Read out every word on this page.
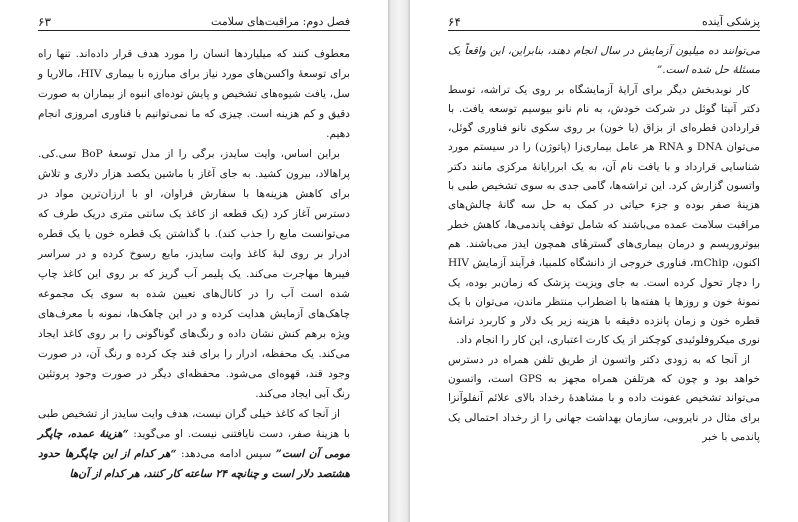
فصل دوم: مراقبت‌های سلامت
۶۳

معطوف کنند که میلیاردها انسان را مورد هدف قرار داده‌اند. تنها راه برای توسعهٔ واکسن‌های مورد نیاز برای مبارزه با بیماری HIV، مالاریا و سل، یافت شیوه‌های تشخیص و پایش توده‌ای انبوه از بیماران به صورت دقیق و کم هزینه است. چیزی که ما نمی‌توانیم با فناوری امروزی انجام دهیم.

براین اساس، وایت سایدز، برگی را از مدل توسعهٔ BoP سی.کی. پراهالاد، بیرون کشید. به جای آغاز با ماشین یکصد هزار دلاری و تلاش برای کاهش هزینه‌ها با سفارش فراوان، او با ارزان‌ترین مواد در دسترس آغاز کرد (یک قطعه از کاغذ یک سانتی متری دریک طرف که می‌توانست مایع را جذب کند). با گذاشتن یک قطره خون یا یک قطره ادرار بر روی لبهٔ کاغذ وایت سایدز، مایع رسوخ کرده و در سراسر فیبرها مهاجرت می‌کند. یک پلیمر آب گریز که بر روی این کاغذ چاپ شده است آب را در کانال‌های تعیین شده به سوی یک مجموعه چاهک‌های آزمایش هدایت کرده و در این چاهک‌ها، نمونه با معرف‌های ویژه برهم کنش نشان داده و رنگ‌های گوناگونی را بر روی کاغذ ایجاد می‌کند. یک محفظه، ادرار را برای قند چک کرده و رنگ آن، در صورت وجود قند، قهوه‌ای می‌شود. محفظه‌ای دیگر در صورت وجود پروتئین رنگ آبی ایجاد می‌کند.

از آنجا که کاغذ خیلی گران نیست، هدف وایت سایدز از تشخیص طبی با هزینهٔ صفر، دست نایافتنی نیست. او می‌گوید: “هزینهٔ عمده، چاپگر مومی آن است” سپس ادامه می‌دهد: “هر کدام از این چاپگرها حدود هشتصد دلار است و چنانچه ۲۴ ساعته کار کنند، هر کدام از آن‌ها

پزشکی آینده
۶۴

می‌توانند ده میلیون آزمایش در سال انجام دهند، بنابراین، این واقعاً یک مسئلهٔ حل شده است.”

کار نوبدبخش دیگر برای آرایهٔ آزمایشگاه بر روی یک تراشه، توسط دکتر آنیتا گوئل در شرکت خودش، به نام نانو بیوسیم توسعه یافت. با قراردادن قطره‌ای از بزاق (یا خون) بر روی سکوی نانو فناوری گوئل، می‌توان DNA و RNA هر عامل بیماری‌زا (پاتوژن) را در سیستم مورد شناسایی قرارداد و با یافت نام آن، به یک ابررایانهٔ مرکزی مانند دکتر واتسون گزارش کرد. این تراشه‌ها، گامی جدی به سوی تشخیص طبی با هزینهٔ صفر بوده و جزء حیاتی در کمک به حل سه گانهٔ چالش‌های مراقبت سلامت عمده می‌باشند که شامل توقف پاندمی‌ها، کاهش خطر بیوتروریسم و درمان بیماری‌های گسترهٔای همچون ایدز می‌باشند. هم اکنون، mChip، فناوری خروجی از دانشگاه کلمبیا، فرآیند آزمایش HIV را دچار تحول کرده است. به جای ویزیت پزشک که زمان‌بر بوده، یک نمونهٔ خون و روزها یا هفته‌ها با اضطراب منتظر ماندن، می‌توان با یک قطره خون و زمان پانزده دقیقه با هزینه زیر یک دلار و کاربرد تراشهٔ نوری میکروفلوئیدی کوچکتر از یک کارت اعتباری، این کار را انجام داد.

از آنجا که به زودی دکتر واتسون از طریق تلفن همراه در دسترس خواهد بود و چون که هرتلفن همراه مجهز به GPS است، واتسون می‌تواند تشخیص عفونت داده و با مشاهدهٔ رخداد بالای علائم آنفلوآنزا برای مثال در نایروبی، سازمان بهداشت جهانی را از رخداد احتمالی یک پاندمی با خبر
